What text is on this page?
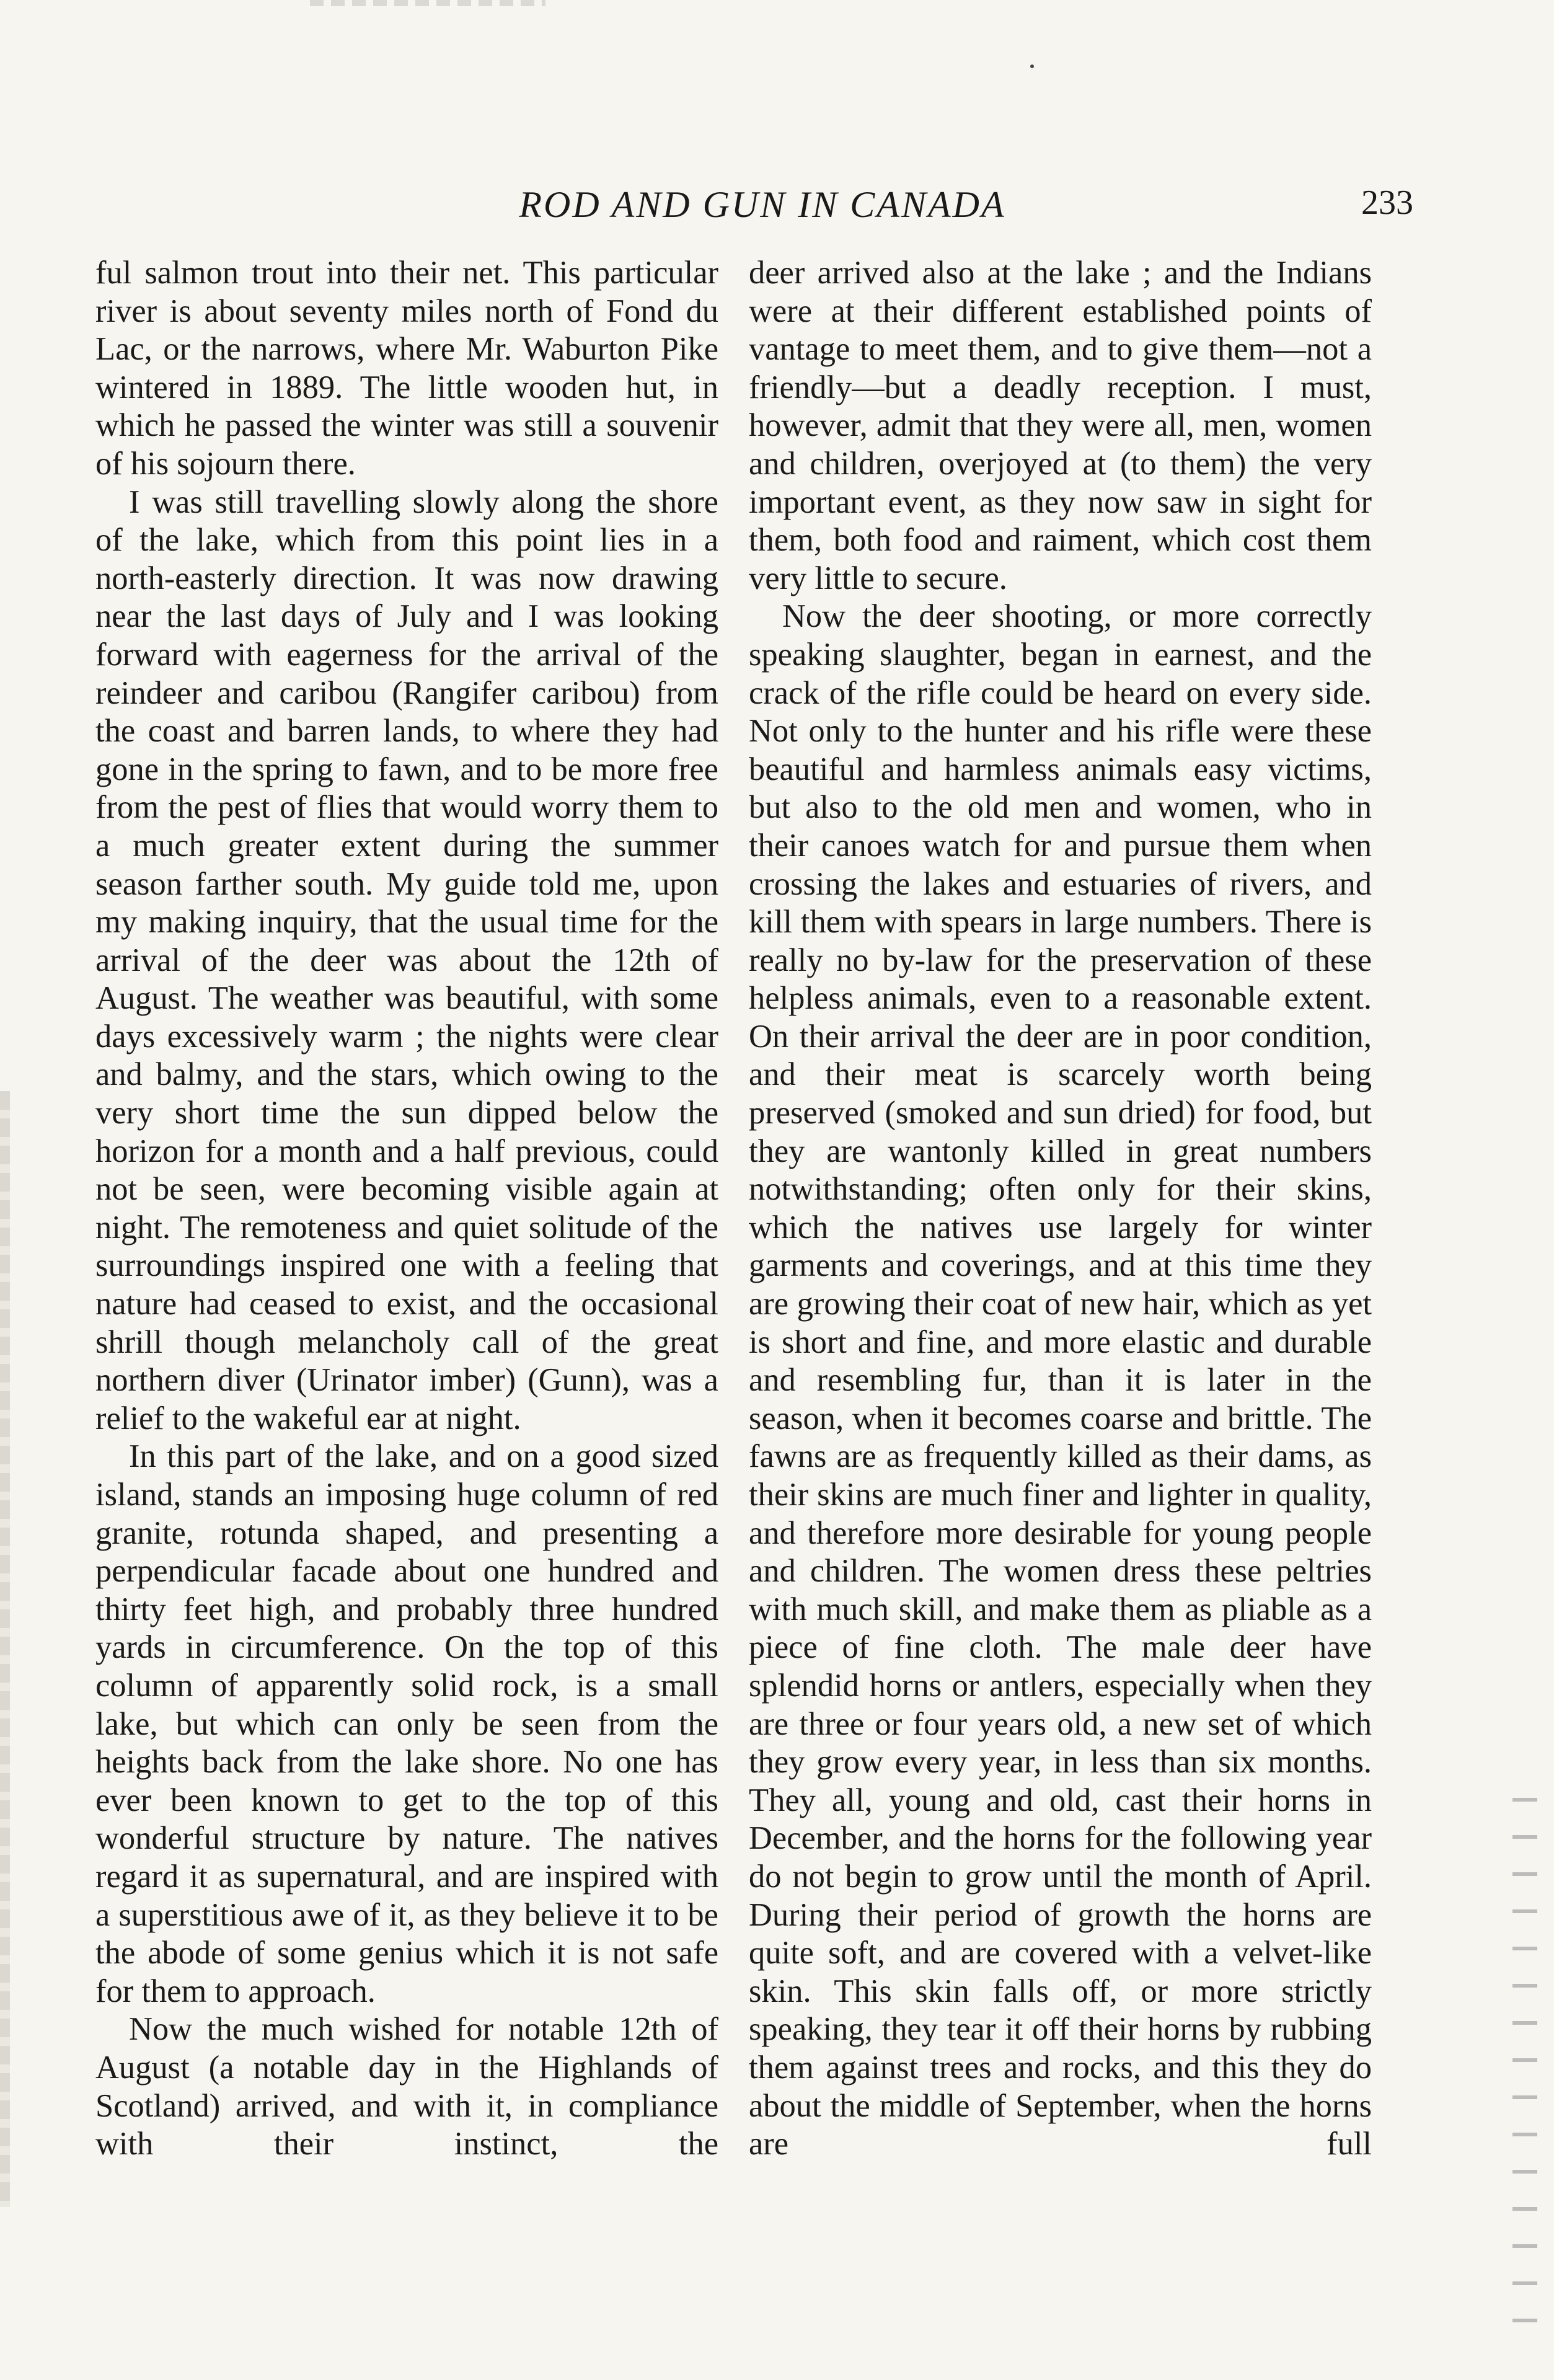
ROD AND GUN IN CANADA	233

ful salmon trout into their net. This particular river is about seventy miles north of Fond du Lac, or the narrows, where Mr. Waburton Pike wintered in 1889. The little wooden hut, in which he passed the winter was still a souvenir of his sojourn there.

I was still travelling slowly along the shore of the lake, which from this point lies in a north-easterly direction. It was now drawing near the last days of July and I was looking forward with eagerness for the arrival of the reindeer and caribou (Rangifer caribou) from the coast and barren lands, to where they had gone in the spring to fawn, and to be more free from the pest of flies that would worry them to a much greater extent during the summer season farther south. My guide told me, upon my making inquiry, that the usual time for the arrival of the deer was about the 12th of August. The weather was beautiful, with some days excessively warm ; the nights were clear and balmy, and the stars, which owing to the very short time the sun dipped below the horizon for a month and a half previous, could not be seen, were becoming visible again at night. The remoteness and quiet solitude of the surroundings inspired one with a feeling that nature had ceased to exist, and the occasional shrill though melancholy call of the great northern diver (Urinator imber) (Gunn), was a relief to the wakeful ear at night.

In this part of the lake, and on a good sized island, stands an imposing huge column of red granite, rotunda shaped, and presenting a perpendicular facade about one hundred and thirty feet high, and probably three hundred yards in circumference. On the top of this column of apparently solid rock, is a small lake, but which can only be seen from the heights back from the lake shore. No one has ever been known to get to the top of this wonderful structure by nature. The natives regard it as supernatural, and are inspired with a superstitious awe of it, as they believe it to be the abode of some genius which it is not safe for them to approach.

Now the much wished for notable 12th of August (a notable day in the Highlands of Scotland) arrived, and with it, in compliance with their instinct, the

deer arrived also at the lake ; and the Indians were at their different established points of vantage to meet them, and to give them—not a friendly—but a deadly reception. I must, however, admit that they were all, men, women and children, overjoyed at (to them) the very important event, as they now saw in sight for them, both food and raiment, which cost them very little to secure.

Now the deer shooting, or more correctly speaking slaughter, began in earnest, and the crack of the rifle could be heard on every side. Not only to the hunter and his rifle were these beautiful and harmless animals easy victims, but also to the old men and women, who in their canoes watch for and pursue them when crossing the lakes and estuaries of rivers, and kill them with spears in large numbers. There is really no by-law for the preservation of these helpless animals, even to a reasonable extent. On their arrival the deer are in poor condition, and their meat is scarcely worth being preserved (smoked and sun dried) for food, but they are wantonly killed in great numbers notwithstanding; often only for their skins, which the natives use largely for winter garments and coverings, and at this time they are growing their coat of new hair, which as yet is short and fine, and more elastic and durable and resembling fur, than it is later in the season, when it becomes coarse and brittle. The fawns are as frequently killed as their dams, as their skins are much finer and lighter in quality, and therefore more desirable for young people and children. The women dress these peltries with much skill, and make them as pliable as a piece of fine cloth. The male deer have splendid horns or antlers, especially when they are three or four years old, a new set of which they grow every year, in less than six months. They all, young and old, cast their horns in December, and the horns for the following year do not begin to grow until the month of April. During their period of growth the horns are quite soft, and are covered with a velvet-like skin. This skin falls off, or more strictly speaking, they tear it off their horns by rubbing them against trees and rocks, and this they do about the middle of September, when the horns are full
